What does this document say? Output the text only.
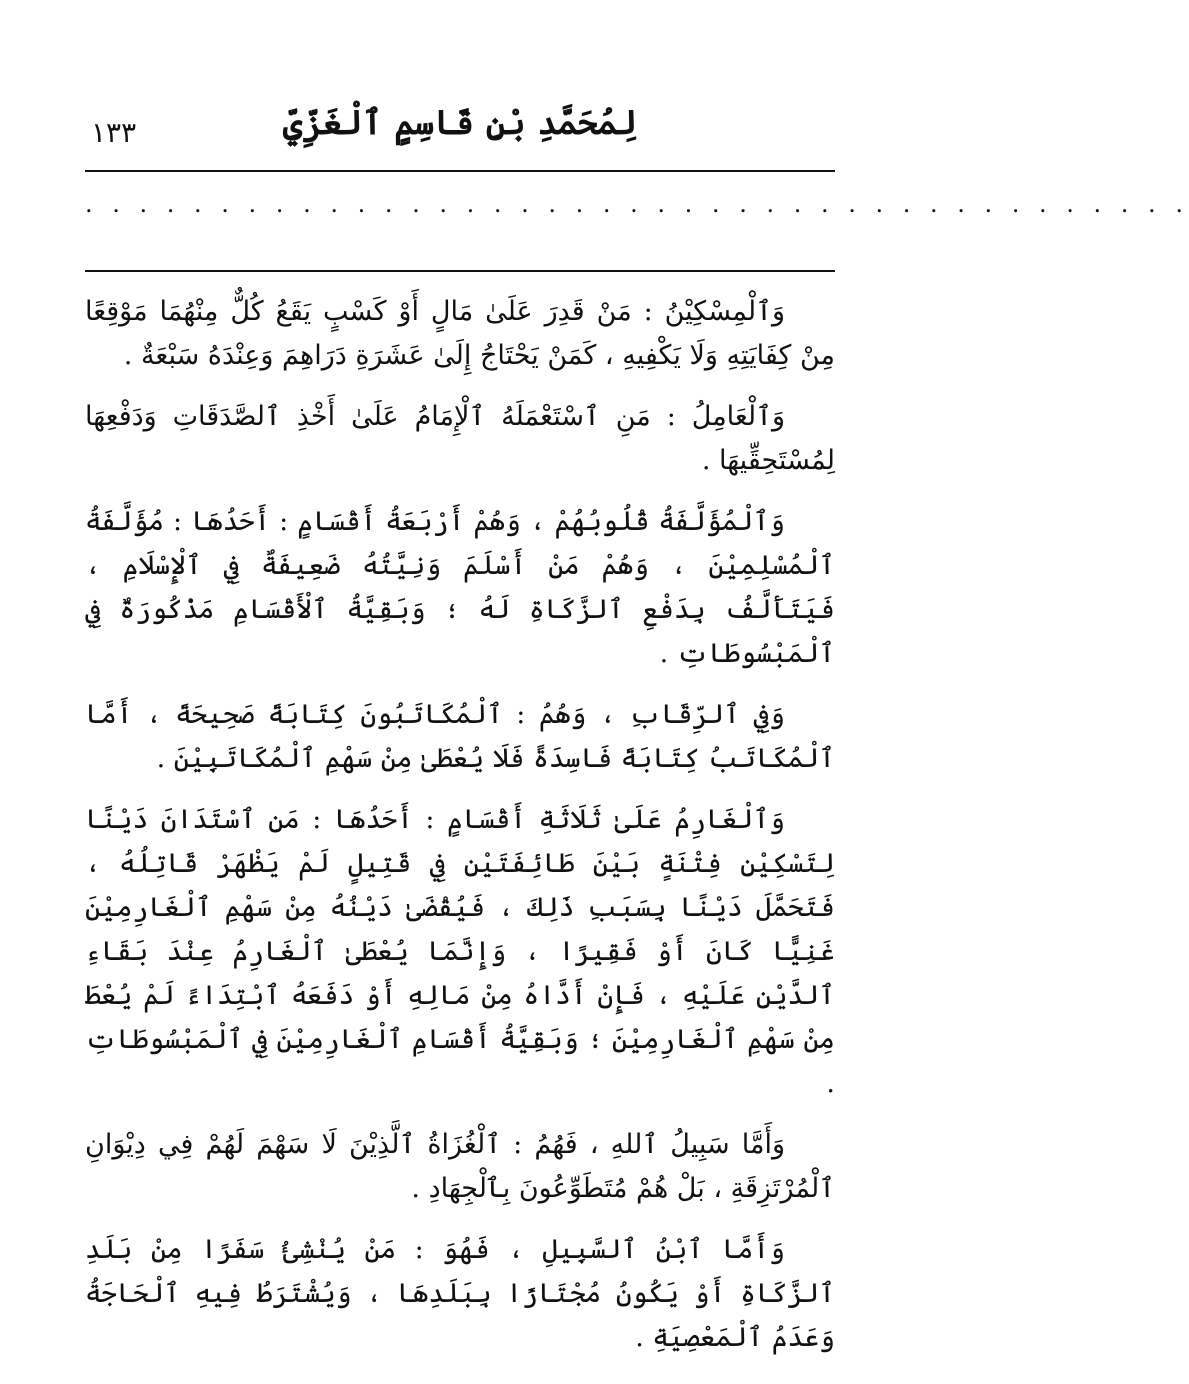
١٣٣	لِمُحَمَّدِ بْنِ قَاسِمٍ ٱلْغَزِّيِّ
. . . . . . . . . . . . . . . . . . . . . . . . . . . . . . . . . . . . . . . . .

وَٱلْمِسْكِيْنُ : مَنْ قَدِرَ عَلَىٰ مَالٍ أَوْ كَسْبٍ يَقَعُ كُلٌّ مِنْهُمَا مَوْقِعًا مِنْ كِفَايَتِهِ وَلَا يَكْفِيهِ ، كَمَنْ يَحْتَاجُ إِلَىٰ عَشَرَةِ دَرَاهِمَ وَعِنْدَهُ سَبْعَةٌ .

وَٱلْعَامِلُ : مَنِ ٱسْتَعْمَلَهُ ٱلْإِمَامُ عَلَىٰ أَخْذِ ٱلصَّدَقَاتِ وَدَفْعِهَا لِمُسْتَحِقِّيهَا .

وَٱلْمُؤَلَّفَةُ قُلُوبُهُمْ ، وَهُمْ أَرْبَعَةُ أَقْسَامٍ : أَحَدُهَا : مُؤَلَّفَةُ ٱلْمُسْلِمِيْنَ ، وَهُمْ مَنْ أَسْلَمَ وَنِيَّتُهُ ضَعِيفَةٌ فِي ٱلْإِسْلَامِ ، فَيَتَأَلَّفُ بِدَفْعِ ٱلزَّكَاةِ لَهُ ؛ وَبَقِيَّةُ ٱلْأَقْسَامِ مَذْكُورَةٌ فِي ٱلْمَبْسُوطَاتِ .

وَفِي ٱلرِّقَابِ ، وَهُمُ : ٱلْمُكَاتَبُونَ كِتَابَةً صَحِيحَةً ، أَمَّا ٱلْمُكَاتَبُ كِتَابَةً فَاسِدَةً فَلَا يُعْطَىٰ مِنْ سَهْمِ ٱلْمُكَاتَبِيْنَ .

وَٱلْغَارِمُ عَلَىٰ ثَلَاثَةِ أَقْسَامٍ : أَحَدُهَا : مَنِ ٱسْتَدَانَ دَيْنًا لِتَسْكِيْنِ فِتْنَةٍ بَيْنَ طَائِفَتَيْنِ فِي قَتِيلٍ لَمْ يَظْهَرْ قَاتِلُهُ ، فَتَحَمَّلَ دَيْنًا بِسَبَبِ ذَلِكَ ، فَيُقْضَىٰ دَيْنُهُ مِنْ سَهْمِ ٱلْغَارِمِيْنَ غَنِيًّا كَانَ أَوْ فَقِيرًا ، وَإِنَّمَا يُعْطَىٰ ٱلْغَارِمُ عِنْدَ بَقَاءِ ٱلدَّيْنِ عَلَيْهِ ، فَإِنْ أَدَّاهُ مِنْ مَالِهِ أَوْ دَفَعَهُ ٱبْتِدَاءً لَمْ يُعْطَ مِنْ سَهْمِ ٱلْغَارِمِيْنَ ؛ وَبَقِيَّةُ أَقْسَامِ ٱلْغَارِمِيْنَ فِي ٱلْمَبْسُوطَاتِ .

وَأَمَّا سَبِيلُ ٱللهِ ، فَهُمُ : ٱلْغُزَاةُ ٱلَّذِيْنَ لَا سَهْمَ لَهُمْ فِي دِيْوَانِ ٱلْمُرْتَزِقَةِ ، بَلْ هُمْ مُتَطَوِّعُونَ بِٱلْجِهَادِ .

وَأَمَّا ٱبْنُ ٱلسَّبِيلِ ، فَهُوَ : مَنْ يُنْشِئُ سَفَرًا مِنْ بَلَدِ ٱلزَّكَاةِ أَوْ يَكُونُ مُجْتَازًا بِبَلَدِهَا ، وَيُشْتَرَطُ فِيهِ ٱلْحَاجَةُ وَعَدَمُ ٱلْمَعْصِيَةِ .
